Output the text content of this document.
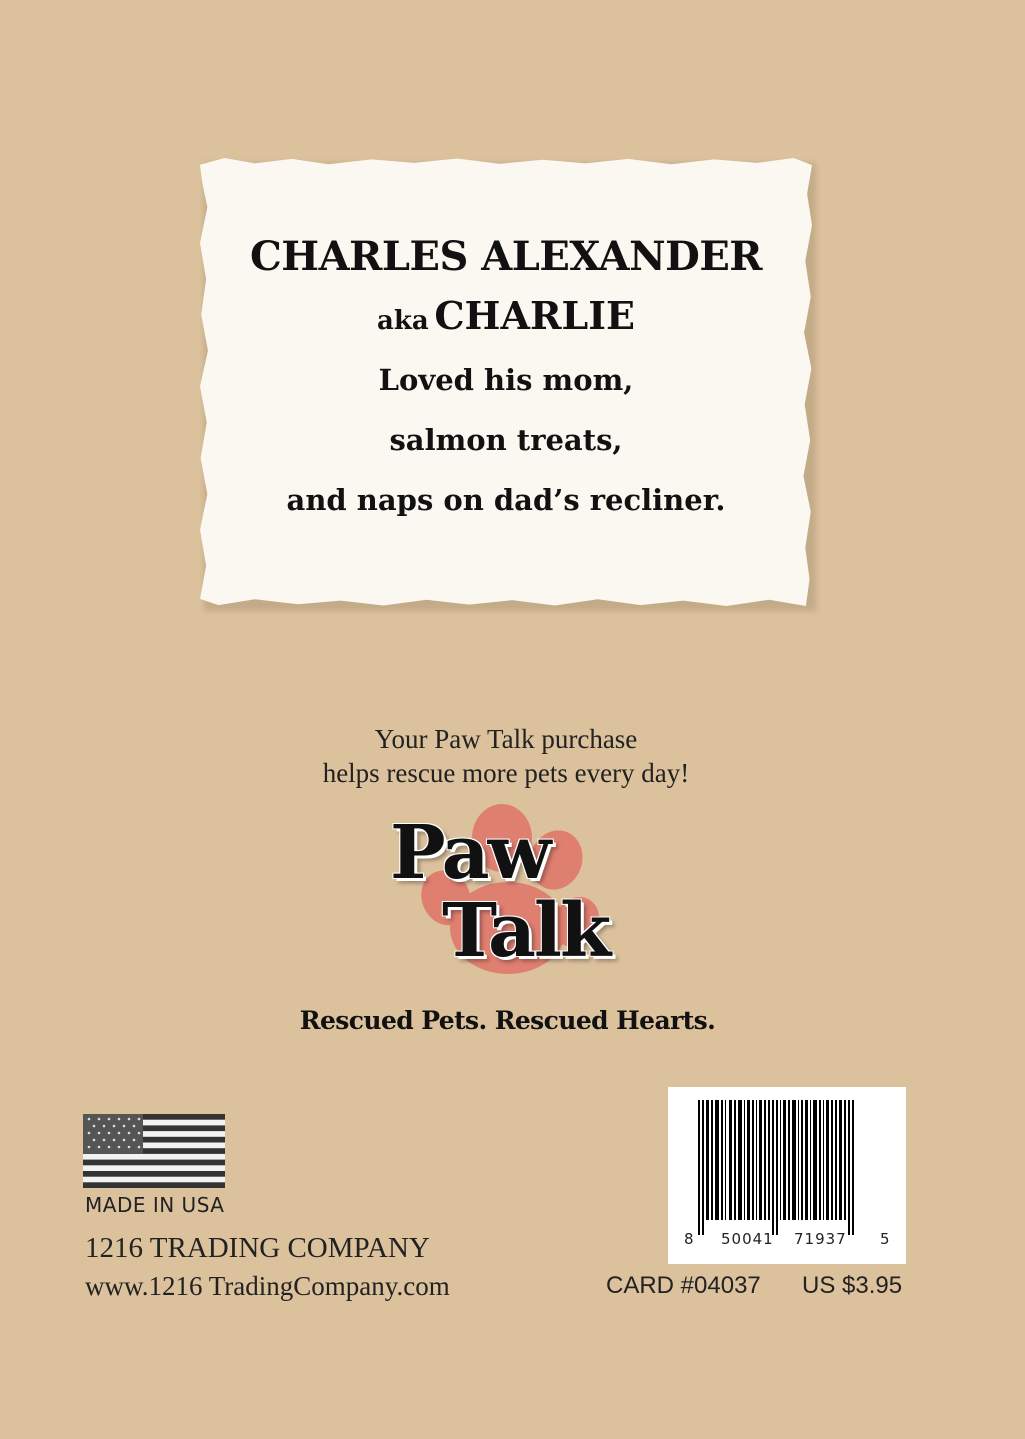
CHARLES ALEXANDER
aka CHARLIE
Loved his mom,
salmon treats,
and naps on dad’s recliner.
Your Paw Talk purchase
helps rescue more pets every day!
Paw
Talk
Rescued Pets. Rescued Hearts.
MADE IN USA
1216 TRADING COMPANY
www.1216 TradingCompany.com
8 50041 71937 5
CARD #04037 US $3.95
